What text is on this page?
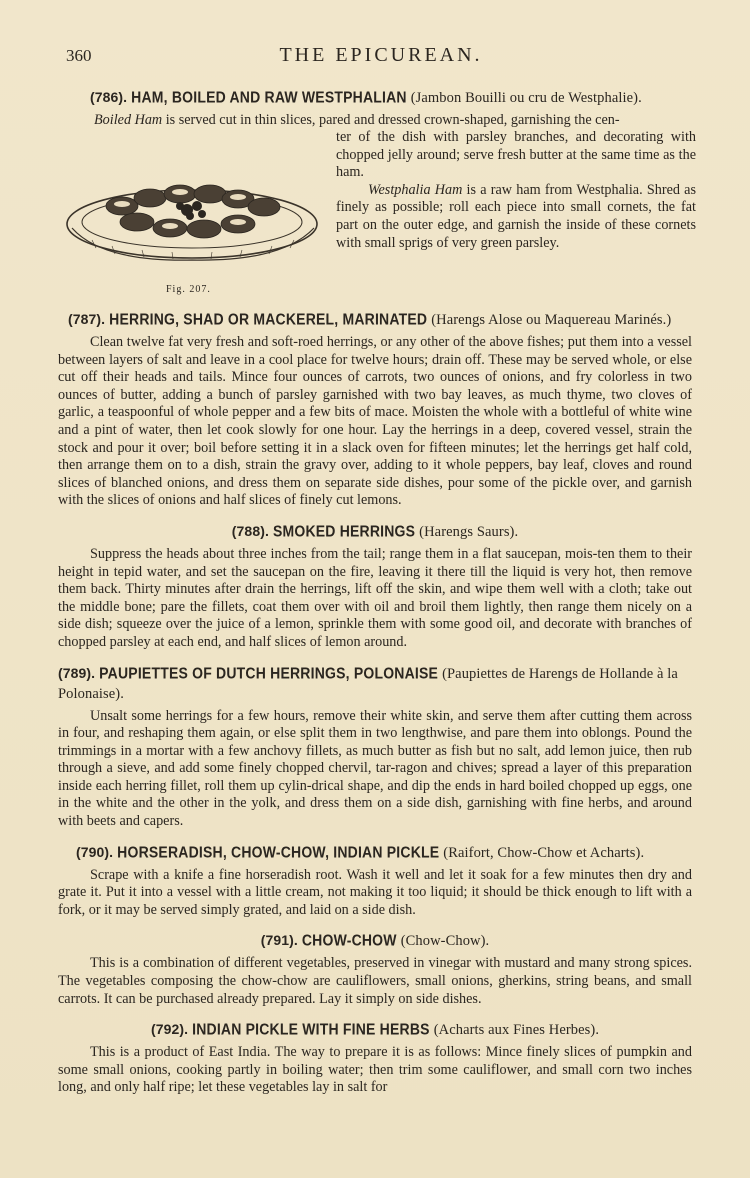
360	THE EPICUREAN.
(786). HAM, BOILED AND RAW WESTPHALIAN (Jambon Bouilli ou cru de Westphalie).

Boiled Ham is served cut in thin slices, pared and dressed crown-shaped, garnishing the cen-

Fig. 207.

ter of the dish with parsley branches, and decorating with chopped jelly around; serve fresh butter at the same time as the ham.

Westphalia Ham is a raw ham from Westphalia. Shred as finely as possible; roll each piece into small cornets, the fat part on the outer edge, and garnish the inside of these cornets with small sprigs of very green parsley.

(787). HERRING, SHAD OR MACKEREL, MARINATED (Harengs Alose ou Maquereau Marinés.)

Clean twelve fat very fresh and soft-roed herrings, or any other of the above fishes; put them into a vessel between layers of salt and leave in a cool place for twelve hours; drain off. These may be served whole, or else cut off their heads and tails. Mince four ounces of carrots, two ounces of onions, and fry colorless in two ounces of butter, adding a bunch of parsley garnished with two bay leaves, as much thyme, two cloves of garlic, a teaspoonful of whole pepper and a few bits of mace. Moisten the whole with a bottleful of white wine and a pint of water, then let cook slowly for one hour. Lay the herrings in a deep, covered vessel, strain the stock and pour it over; boil before setting it in a slack oven for fifteen minutes; let the herrings get half cold, then arrange them on to a dish, strain the gravy over, adding to it whole peppers, bay leaf, cloves and round slices of blanched onions, and dress them on separate side dishes, pour some of the pickle over, and garnish with the slices of onions and half slices of finely cut lemons.

(788). SMOKED HERRINGS (Harengs Saurs).

Suppress the heads about three inches from the tail; range them in a flat saucepan, mois-ten them to their height in tepid water, and set the saucepan on the fire, leaving it there till the liquid is very hot, then remove them back. Thirty minutes after drain the herrings, lift off the skin, and wipe them well with a cloth; take out the middle bone; pare the fillets, coat them over with oil and broil them lightly, then range them nicely on a side dish; squeeze over the juice of a lemon, sprinkle them with some good oil, and decorate with branches of chopped parsley at each end, and half slices of lemon around.

(789). PAUPIETTES OF DUTCH HERRINGS, POLONAISE (Paupiettes de Harengs de Hollande à la Polonaise).

Unsalt some herrings for a few hours, remove their white skin, and serve them after cutting them across in four, and reshaping them again, or else split them in two lengthwise, and pare them into oblongs. Pound the trimmings in a mortar with a few anchovy fillets, as much butter as fish but no salt, add lemon juice, then rub through a sieve, and add some finely chopped chervil, tar-ragon and chives; spread a layer of this preparation inside each herring fillet, roll them up cylin-drical shape, and dip the ends in hard boiled chopped up eggs, one in the white and the other in the yolk, and dress them on a side dish, garnishing with fine herbs, and around with beets and capers.

(790). HORSERADISH, CHOW-CHOW, INDIAN PICKLE (Raifort, Chow-Chow et Acharts).

Scrape with a knife a fine horseradish root. Wash it well and let it soak for a few minutes then dry and grate it. Put it into a vessel with a little cream, not making it too liquid; it should be thick enough to lift with a fork, or it may be served simply grated, and laid on a side dish.

(791). CHOW-CHOW (Chow-Chow).

This is a combination of different vegetables, preserved in vinegar with mustard and many strong spices. The vegetables composing the chow-chow are cauliflowers, small onions, gherkins, string beans, and small carrots. It can be purchased already prepared. Lay it simply on side dishes.

(792). INDIAN PICKLE WITH FINE HERBS (Acharts aux Fines Herbes).

This is a product of East India. The way to prepare it is as follows: Mince finely slices of pumpkin and some small onions, cooking partly in boiling water; then trim some cauliflower, and small corn two inches long, and only half ripe; let these vegetables lay in salt for
